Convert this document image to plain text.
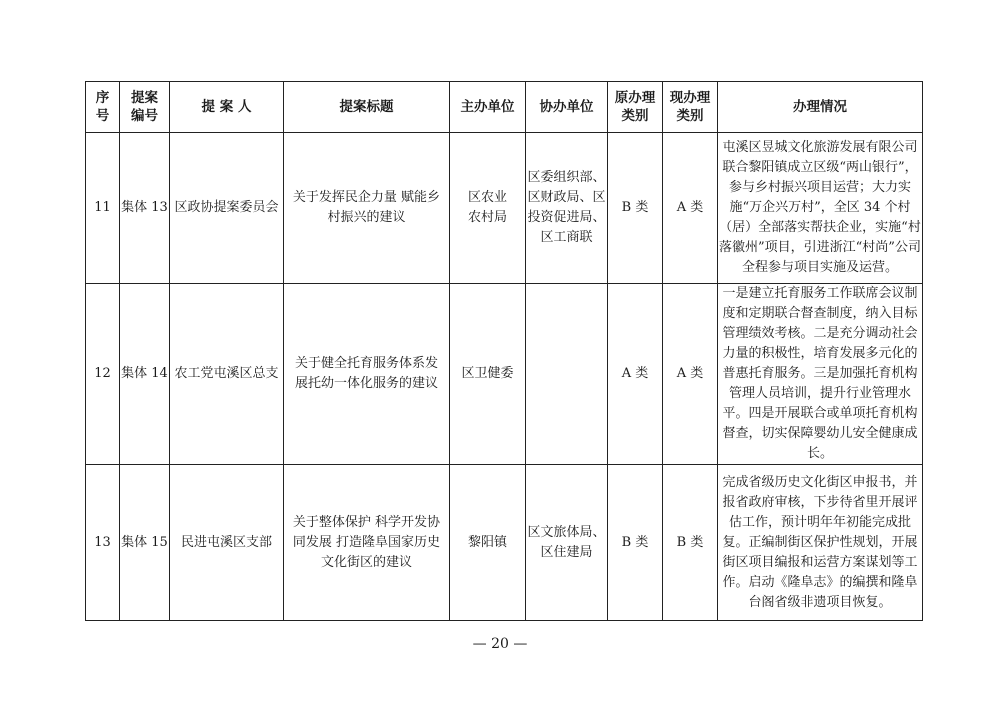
序号	提案编号	提 案 人	提案标题	主办单位	协办单位	原办理类别	现办理类别	办理情况
11	集体 13	区政协提案委员会	关于发挥民企力量 赋能乡村振兴的建议	区农业农村局	区委组织部、区财政局、区投资促进局、区工商联	B 类	A 类	屯溪区昱城文化旅游发展有限公司联合黎阳镇成立区级“两山银行”，参与乡村振兴项目运营；大力实施“万企兴万村”，全区 34 个村（居）全部落实帮扶企业，实施“村落徽州”项目，引进浙江“村尚”公司全程参与项目实施及运营。
12	集体 14	农工党屯溪区总支	关于健全托育服务体系发展托幼一体化服务的建议	区卫健委		A 类	A 类	一是建立托育服务工作联席会议制度和定期联合督查制度，纳入目标管理绩效考核。二是充分调动社会力量的积极性，培育发展多元化的普惠托育服务。三是加强托育机构管理人员培训，提升行业管理水平。四是开展联合或单项托育机构督查，切实保障婴幼儿安全健康成长。
13	集体 15	民进屯溪区支部	关于整体保护 科学开发协同发展 打造隆阜国家历史文化街区的建议	黎阳镇	区文旅体局、区住建局	B 类	B 类	完成省级历史文化街区申报书，并报省政府审核，下步待省里开展评估工作，预计明年年初能完成批复。正编制街区保护性规划，开展街区项目编报和运营方案谋划等工作。启动《隆阜志》的编撰和隆阜台阁省级非遗项目恢复。
— 20 —
